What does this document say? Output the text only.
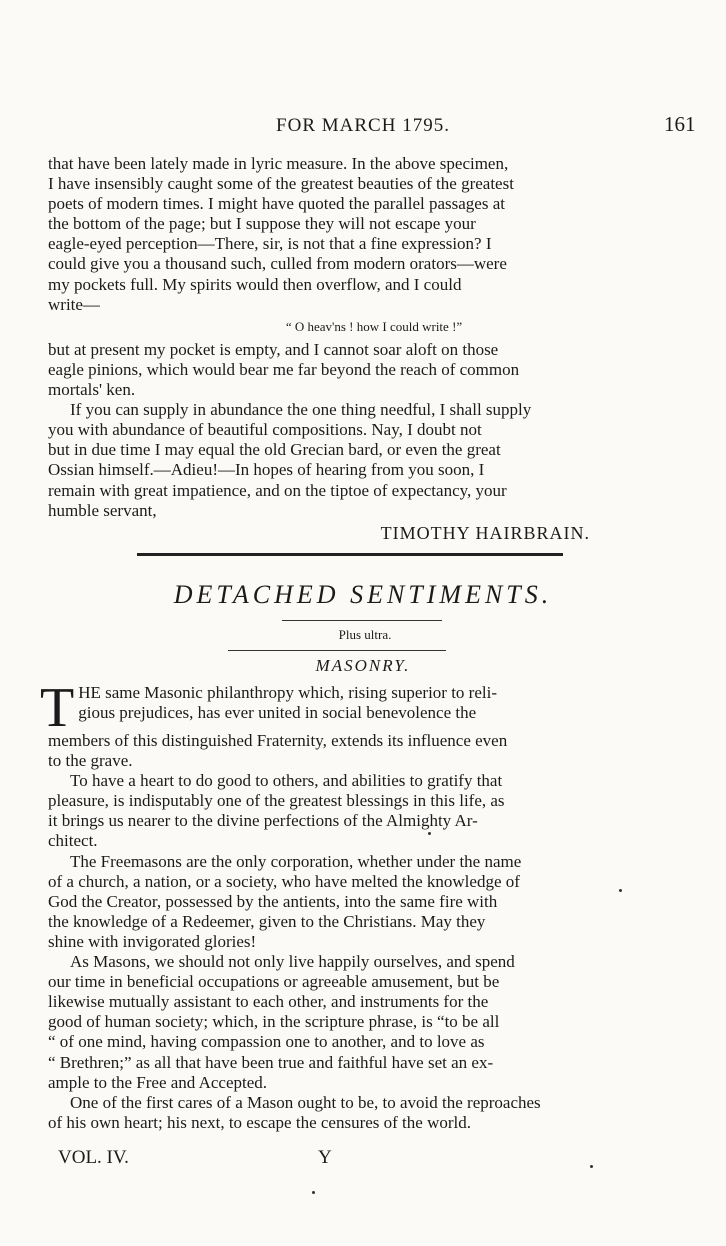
FOR MARCH 1795.	161
that have been lately made in lyric measure. In the above specimen,
I have insensibly caught some of the greatest beauties of the greatest
poets of modern times. I might have quoted the parallel passages at
the bottom of the page; but I suppose they will not escape your
eagle-eyed perception—There, sir, is not that a fine expression? I
could give you a thousand such, culled from modern orators—were
my pockets full. My spirits would then overflow, and I could
write—
“ O heav'ns ! how I could write !”
but at present my pocket is empty, and I cannot soar aloft on those
eagle pinions, which would bear me far beyond the reach of common
mortals' ken.
If you can supply in abundance the one thing needful, I shall supply
you with abundance of beautiful compositions. Nay, I doubt not
but in due time I may equal the old Grecian bard, or even the great
Ossian himself.—Adieu!—In hopes of hearing from you soon, I
remain with great impatience, and on the tiptoe of expectancy, your
humble servant,
TIMOTHY HAIRBRAIN.
DETACHED SENTIMENTS.
Plus ultra.
MASONRY.
T HE same Masonic philanthropy which, rising superior to reli-
gious prejudices, has ever united in social benevolence the
members of this distinguished Fraternity, extends its influence even
to the grave.
To have a heart to do good to others, and abilities to gratify that
pleasure, is indisputably one of the greatest blessings in this life, as
it brings us nearer to the divine perfections of the Almighty Ar-
chitect.
The Freemasons are the only corporation, whether under the name
of a church, a nation, or a society, who have melted the knowledge of
God the Creator, possessed by the antients, into the same fire with
the knowledge of a Redeemer, given to the Christians. May they
shine with invigorated glories!
As Masons, we should not only live happily ourselves, and spend
our time in beneficial occupations or agreeable amusement, but be
likewise mutually assistant to each other, and instruments for the
good of human society; which, in the scripture phrase, is “to be all
“ of one mind, having compassion one to another, and to love as
“ Brethren;” as all that have been true and faithful have set an ex-
ample to the Free and Accepted.
One of the first cares of a Mason ought to be, to avoid the reproaches
of his own heart; his next, to escape the censures of the world.
VOL. IV.	Y
